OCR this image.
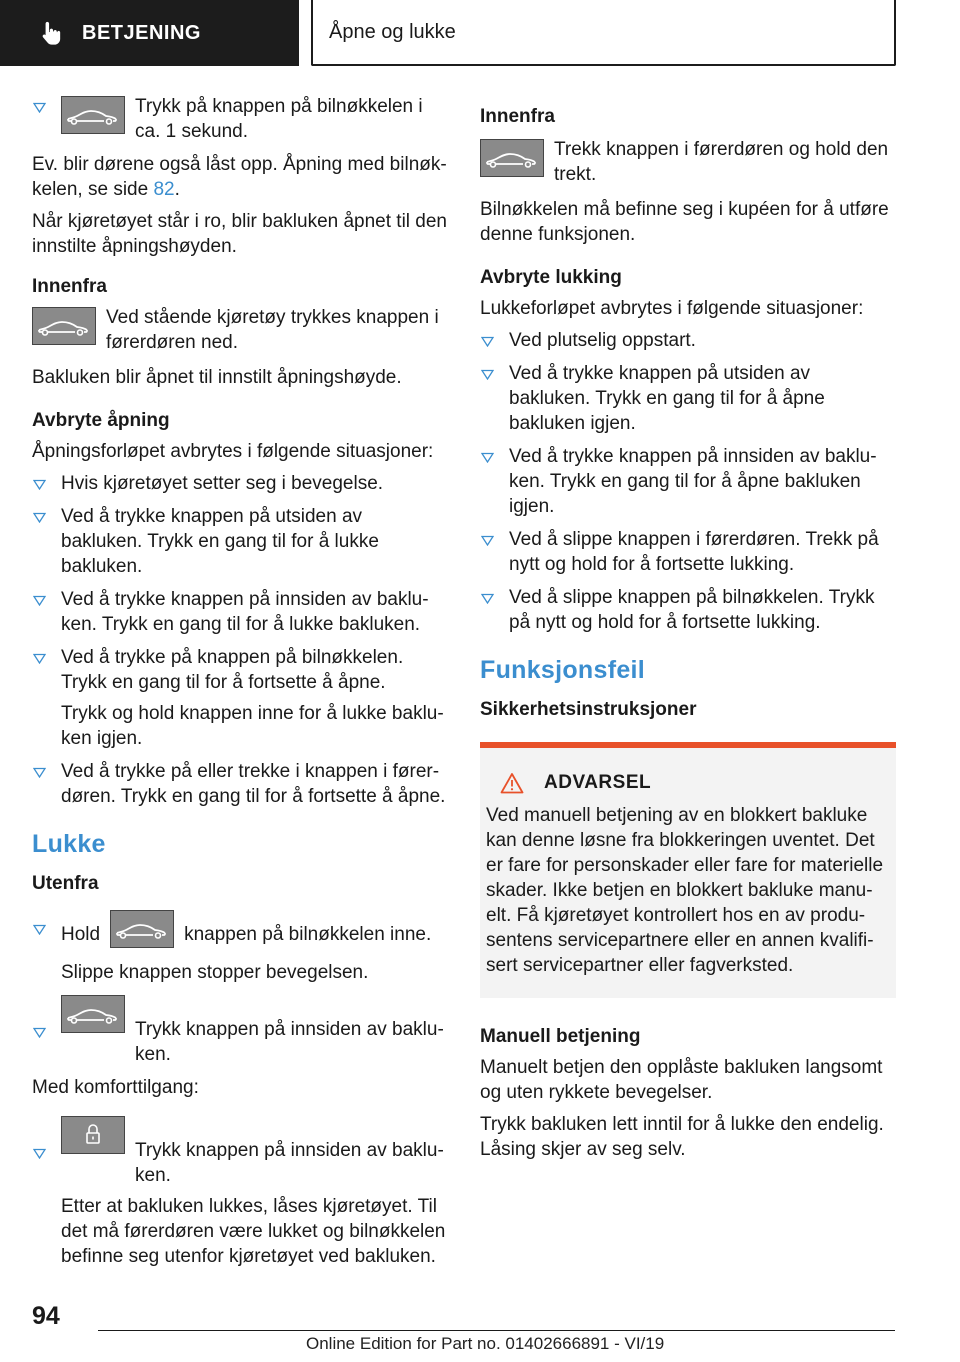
BETJENING	Åpne og lukke
Trykk på knappen på bilnøkkelen i ca. 1 sekund.

Ev. blir dørene også låst opp. Åpning med bilnøkkelen, se side 82.

Når kjøretøyet står i ro, blir bakluken åpnet til den innstilte åpningshøyden.

Innenfra
Ved stående kjøretøy trykkes knappen i førerdøren ned.

Bakluken blir åpnet til innstilt åpningshøyde.

Avbryte åpning

Åpningsforløpet avbrytes i følgende situasjoner:

Hvis kjøretøyet setter seg i bevegelse.
Ved å trykke knappen på utsiden av bakluken. Trykk en gang til for å lukke bakluken.
Ved å trykke knappen på innsiden av bakluken. Trykk en gang til for å lukke bakluken.

Ved å trykke på knappen på bilnøkkelen. Trykk en gang til for å fortsette å åpne.

Trykk og hold knappen inne for å lukke bakluken igjen.

Ved å trykke på eller trekke i knappen i førerdøren. Trykk en gang til for å fortsette å åpne.
Lukke
Utenfra

Hold	knappen på bilnøkkelen inne.

Slippe knappen stopper bevegelsen.

Trykk knappen på innsiden av bakluken.

Med komforttilgang:

Trykk knappen på innsiden av bakluken.

Etter at bakluken lukkes, låses kjøretøyet. Til det må førerdøren være lukket og bilnøkkelen befinne seg utenfor kjøretøyet ved bakluken.

Innenfra
Trekk knappen i førerdøren og hold den trekt.

Bilnøkkelen må befinne seg i kupéen for å utføre denne funksjonen.

Avbryte lukking

Lukkeforløpet avbrytes i følgende situasjoner:

Ved plutselig oppstart.
Ved å trykke knappen på utsiden av bakluken. Trykk en gang til for å åpne bakluken igjen.
Ved å trykke knappen på innsiden av bakluken. Trykk en gang til for å åpne bakluken igjen.
Ved å slippe knappen i førerdøren. Trekk på nytt og hold for å fortsette lukking.
Ved å slippe knappen på bilnøkkelen. Trykk på nytt og hold for å fortsette lukking.
Funksjonsfeil
Sikkerhetsinstruksjoner
ADVARSEL

Ved manuell betjening av en blokkert bakluke kan denne løsne fra blokkeringen uventet. Det er fare for personskader eller fare for materielle skader. Ikke betjen en blokkert bakluke manuelt. Få kjøretøyet kontrollert hos en av produsentens servicepartnere eller en annen kvalifisert servicepartner eller fagverksted.

Manuell betjening

Manuelt betjen den opplåste bakluken langsomt og uten rykkete bevegelser.

Trykk bakluken lett inntil for å lukke den endelig. Låsing skjer av seg selv.

94
Online Edition for Part no. 01402666891 - VI/19
